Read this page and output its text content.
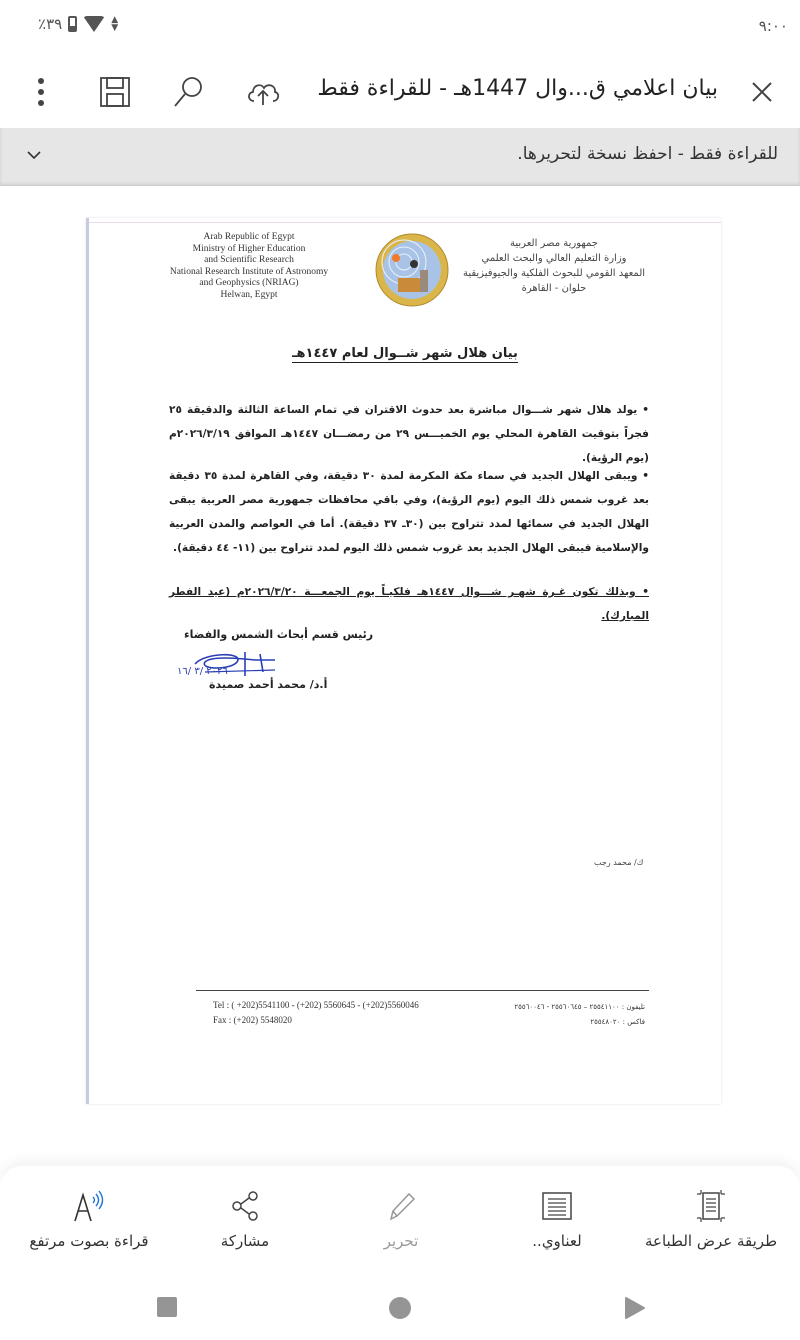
٪٣٩	▲
▼	٩:٠٠
بيان اعلامي ق...وال 1447هـ - للقراءة فقط
للقراءة فقط - احفظ نسخة لتحريرها.
Arab Republic of Egypt
Ministry of Higher Education
and Scientific Research
National Research Institute of Astronomy
and Geophysics (NRIAG)
Helwan, Egypt
جمهورية مصر العربية
وزارة التعليم العالي والبحث العلمي
المعهد القومي للبحوث الفلكية والجيوفيزيقية
حلوان - القاهرة
بيان هلال شهر شــوال لعام ١٤٤٧هـ
• يولد هلال شهر شـــوال مباشرة بعد حدوث الاقتران في تمام الساعة الثالثة والدقيقة ٢٥ فجراً بتوقيت القاهرة المحلي يوم الخميـــس ٢٩ من رمضـــان ١٤٤٧هـ الموافق ٢٠٢٦/٣/١٩م (يوم الرؤية).
• ويبقى الهلال الجديد في سماء مكة المكرمة لمدة ٣٠ دقيقة، وفي القاهرة لمدة ٣٥ دقيقة بعد غروب شمس ذلك اليوم (يوم الرؤية)، وفي باقي محافظات جمهورية مصر العربية يبقى الهلال الجديد في سمائها لمدد تتراوح بين (٣٠ـ ٣٧ دقيقة). أما في العواصم والمدن العربية والإسلامية فيبقى الهلال الجديد بعد غروب شمس ذلك اليوم لمدد تتراوح بين (١١- ٤٤ دقيقة).
• وبذلك تكون غـرة شهـر شـــوال ١٤٤٧هـ فلكيـاً يوم الجمعـــة ٢٠٢٦/٣/٢٠م (عيد الفطر المبارك).
رئيس قسم أبحاث الشمس والفضاء
٢٠٢٦ /٣ /١٦
أ.د/ محمد أحمد صميدة
ك/ محمد رجب
Tel : ( +202)5541100 - (+202) 5560645 - (+202)5560046
Fax : (+202) 5548020
تليفون : ٢٥٥٤١١٠٠ – ٢٥٥٦٠٦٤٥ - ٢٥٥٦٠٠٤٦
فاكس : ٢٥٥٤٨٠٢٠
طريقة عرض الطباعة
لعناوي..
تحرير
مشاركة
قراءة بصوت مرتفع
